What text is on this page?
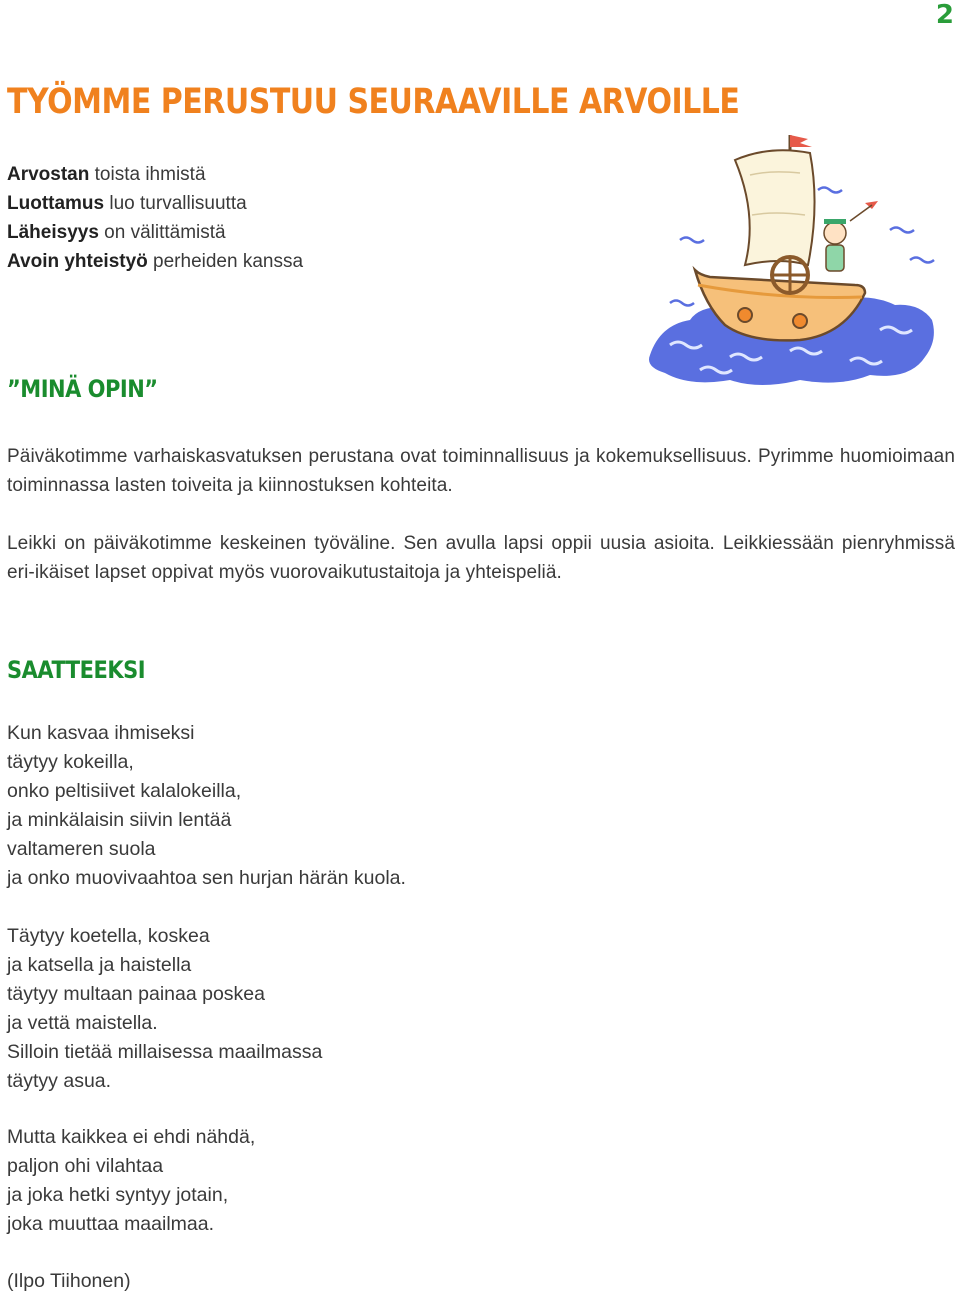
2
TYÖMME PERUSTUU SEURAAVILLE ARVOILLE
Arvostan toista ihmistä
Luottamus luo turvallisuutta
Läheisyys on välittämistä
Avoin yhteistyö perheiden kanssa
”MINÄ OPIN”
Päiväkotimme varhaiskasvatuksen perustana ovat toiminnallisuus ja kokemuksellisuus. Pyrimme huomioimaan toiminnassa lasten toiveita ja kiinnostuksen kohteita.
Leikki on päiväkotimme keskeinen työväline. Sen avulla lapsi oppii uusia asioita. Leikkiessään pienryhmissä eri-ikäiset lapset oppivat myös vuorovaikutustaitoja ja yhteispeliä.
SAATTEEKSI
Kun kasvaa ihmiseksi
täytyy kokeilla,
onko peltisiivet kalalokeilla,
ja minkälaisin siivin lentää
valtameren suola
ja onko muovivaahtoa sen hurjan härän kuola.
Täytyy koetella, koskea
ja katsella ja haistella
täytyy multaan painaa poskea
ja vettä maistella.
Silloin tietää millaisessa maailmassa
täytyy asua.
Mutta kaikkea ei ehdi nähdä,
paljon ohi vilahtaa
ja joka hetki syntyy jotain,
joka muuttaa maailmaa.
(Ilpo Tiihonen)
